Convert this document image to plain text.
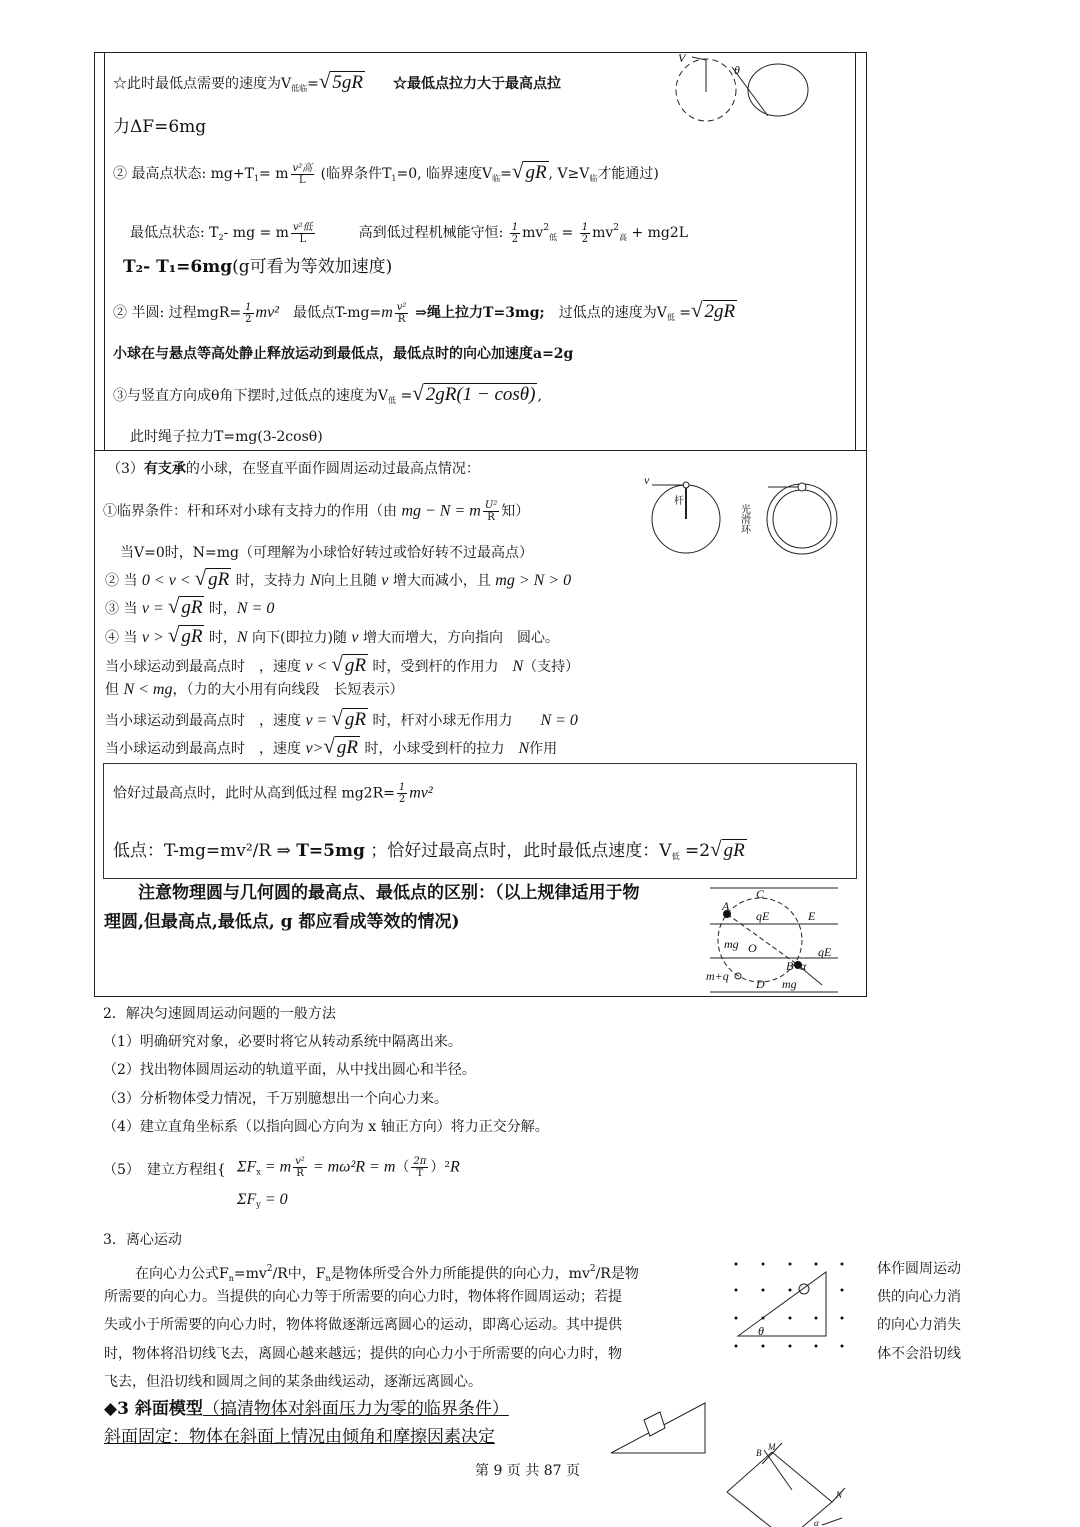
☆此时最低点需要的速度为$V_{低临}=√$ 5gR　　☆最低点拉力大于最高点拉
力ΔF=6mg
② 最高点状态: $mg+T_1= m \frac{\text{v²高}}{L}$ (临界条件$T_1=0$, 临界速度$V_临=√$ gR , $V\ge V_临$才能通过)
最低点状态: $T_2-$ mg = m $\frac{\text{v²低}}{L}$ 　　　高到低过程机械能守恒: $\frac{1}{2} mv^2_低 = \frac{1}{2} mv^2_高 + mg2L$
T₂- T₁=6mg(g可看为等效加速度)
② 半圆: 过程$mgR= \frac{1}{2} mv^2$　最低点$T-mg=m \frac{\text{v²}}{R}$ ⇒绳上拉力T=3mg;　过低点的速度为$V_低$ =√ 2gR
小球在与悬点等高处静止释放运动到最低点，最低点时的向心加速度a=2g
③与竖直方向成θ角下摆时,过低点的速度为$V_低$ =√ 2gR(1 − cosθ) ,
此时绳子拉力T=mg(3-2cosθ)
（3）有支承的小球，在竖直平面作圆周运动过最高点情况：
①临界条件：杆和环对小球有支持力的作用（由 mg − N = m $\frac{\text{U²}}{R}$ 知）
当V=0时，N=mg（可理解为小球恰好转过或恰好转不过最高点）
② 当 0 < v < √ gR 时，支持力 N向上且随 v 增大而减小，且 mg > N > 0
③ 当 v = √ gR 时，N = 0
④ 当 v > √ gR 时，N 向下(即拉力)随 v 增大而增大，方向指向　圆心。
当小球运动到最高点时　，速度 v < √ gR 时，受到杆的作用力　N（支持）
但 N < mg，（力的大小用有向线段　长短表示）
当小球运动到最高点时　，速度 v = √ gR 时，杆对小球无作用力　　N = 0
当小球运动到最高点时　，速度 v>√ gR 时，小球受到杆的拉力　N作用
恰好过最高点时，此时从高到低过程 $mg2R= \frac{1}{2} mv^2$
低点：T-mg=mv²/R ⇒ T=5mg ；恰好过最高点时，此时最低点速度：$V_低 =2√$ gR
注意物理圆与几何圆的最高点、最低点的区别：（以上规律适用于物
理圆,但最高点,最低点, g 都应看成等效的情况)
2．解决匀速圆周运动问题的一般方法
（1）明确研究对象，必要时将它从转动系统中隔离出来。
（2）找出物体圆周运动的轨道平面，从中找出圆心和半径。
（3）分析物体受力情况，千万别臆想出一个向心力来。
（4）建立直角坐标系（以指向圆心方向为 x 轴正方向）将力正交分解。
（5）　建立方程组{ $\Sigma F_x = m \frac{\text{v²}}{R} = m\omega^2R = m( \frac{2\pi}{T} )^2R$
$\Sigma F_y = 0$
3．离心运动
在向心力公式$F_n=mv^2/R$中，$F_n$是物体所受合外力所能提供的向心力，$mv^2/R$是物
所需要的向心力。当提供的向心力等于所需要的向心力时，物体将作圆周运动；若提
失或小于所需要的向心力时，物体将做逐渐远离圆心的运动，即离心运动。其中提供
时，物体将沿切线飞去，离圆心越来越远；提供的向心力小于所需要的向心力时，物
飞去，但沿切线和圆周之间的某条曲线运动，逐渐远离圆心。
体作圆周运动
供的向心力消
的向心力消失
体不会沿切线
◆3 斜面模型（搞清物体对斜面压力为零的临界条件）
斜面固定：物体在斜面上情况由倾角和摩擦因素决定
第 9 页 共 87 页
V
θ
v
杆
光滑环
A
C
qE	E
mg O	qE
B α
m+q
D mg
θ
B
M
N
α
